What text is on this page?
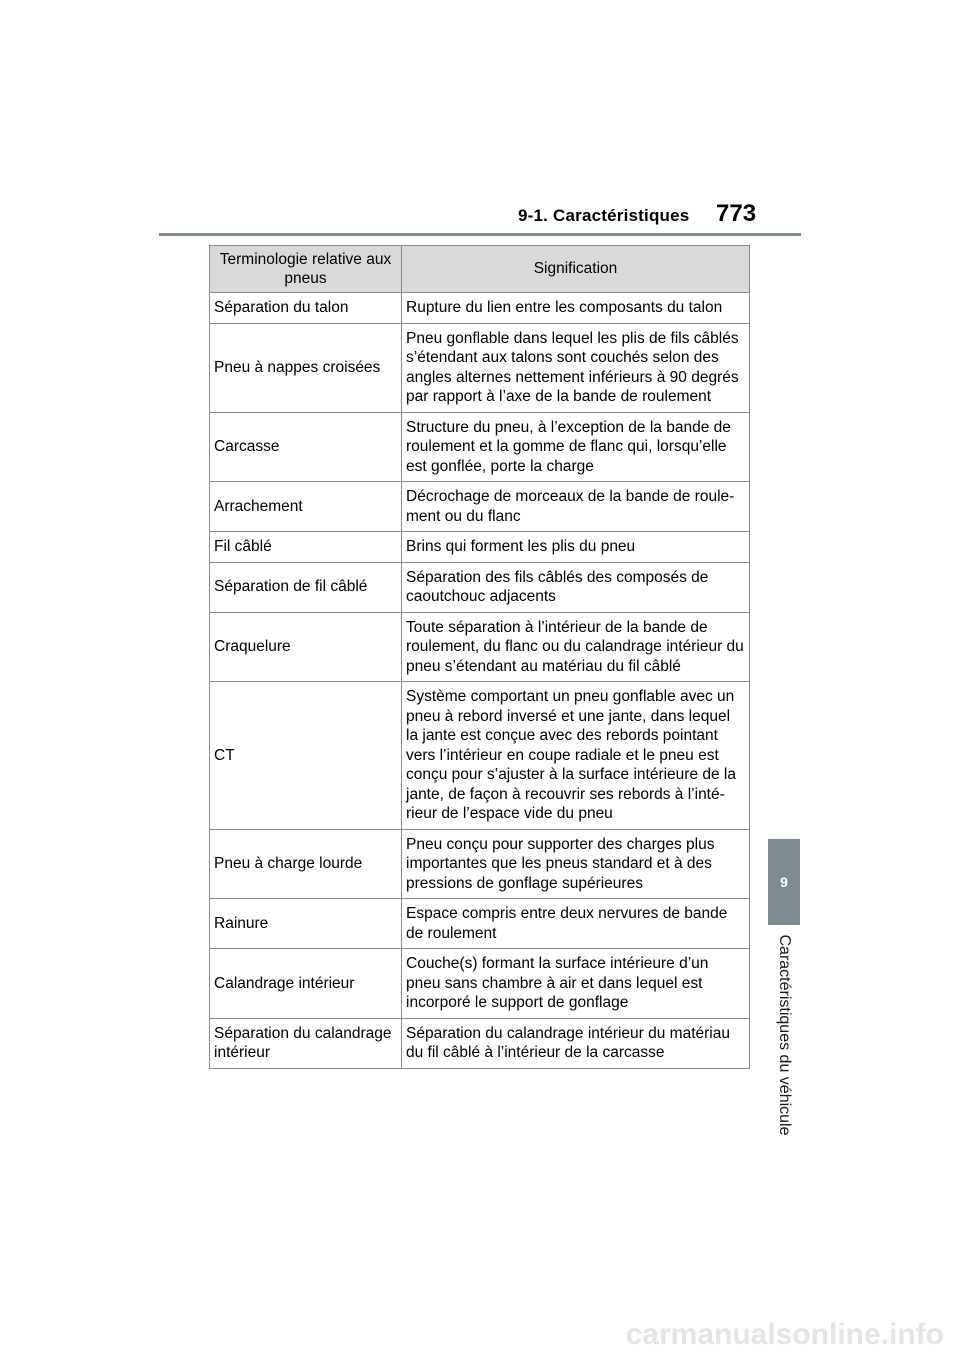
9-1. Caractéristiques 773
9
Caractéristiques du véhicule
Terminologie relative aux pneus	Signification
Séparation du talon	Rupture du lien entre les composants du talon
Pneu à nappes croisées	Pneu gonflable dans lequel les plis de fils câblés s’étendant aux talons sont couchés selon des angles alternes nettement inférieurs à 90 degrés par rapport à l’axe de la bande de roulement
Carcasse	Structure du pneu, à l’exception de la bande de roulement et la gomme de flanc qui, lorsqu’elle est gonflée, porte la charge
Arrachement	Décrochage de morceaux de la bande de roule-ment ou du flanc
Fil câblé	Brins qui forment les plis du pneu
Séparation de fil câblé	Séparation des fils câblés des composés de caoutchouc adjacents
Craquelure	Toute séparation à l’intérieur de la bande de roulement, du flanc ou du calandrage intérieur du pneu s’étendant au matériau du fil câblé
CT	Système comportant un pneu gonflable avec un pneu à rebord inversé et une jante, dans lequel la jante est conçue avec des rebords pointant vers l’intérieur en coupe radiale et le pneu est conçu pour s’ajuster à la surface intérieure de la jante, de façon à recouvrir ses rebords à l’inté-rieur de l’espace vide du pneu
Pneu à charge lourde	Pneu conçu pour supporter des charges plus importantes que les pneus standard et à des pressions de gonflage supérieures
Rainure	Espace compris entre deux nervures de bande de roulement
Calandrage intérieur	Couche(s) formant la surface intérieure d’un pneu sans chambre à air et dans lequel est incorporé le support de gonflage
Séparation du calandrage intérieur	Séparation du calandrage intérieur du matériau du fil câblé à l’intérieur de la carcasse
carmanualsonline.info
